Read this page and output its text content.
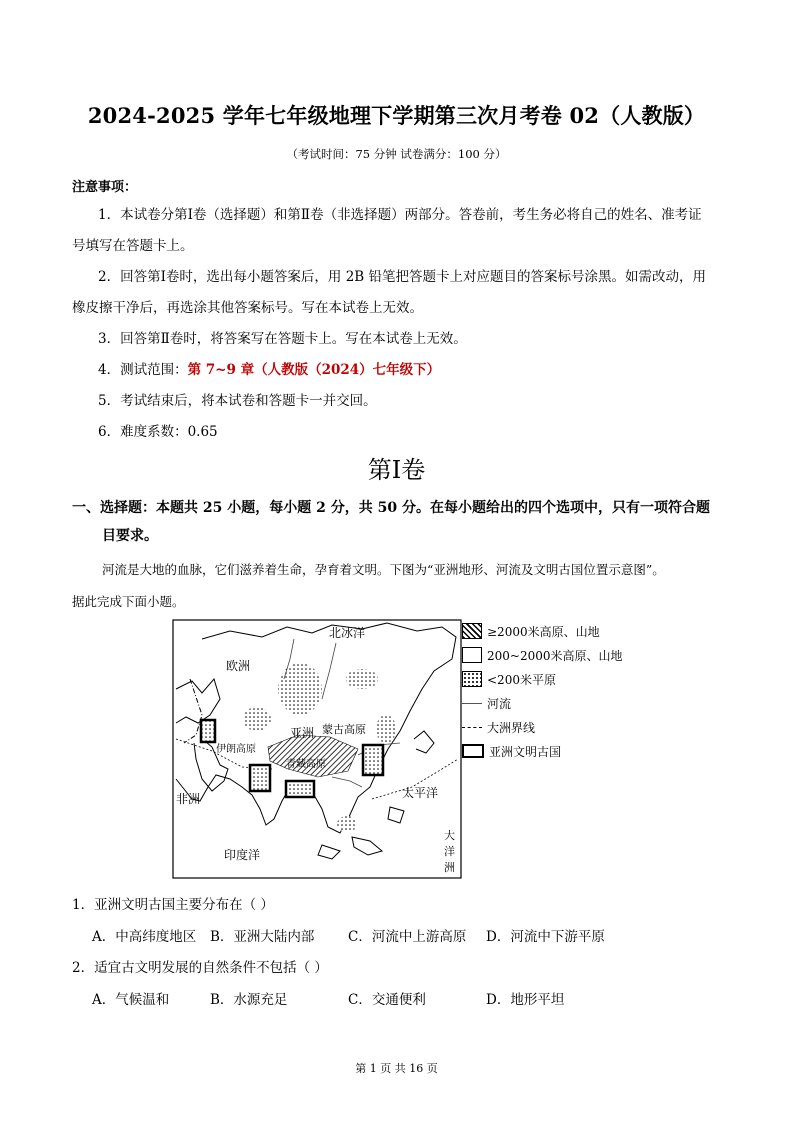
2024-2025 学年七年级地理下学期第三次月考卷 02（人教版）
（考试时间：75 分钟 试卷满分：100 分）
注意事项：
1．本试卷分第Ⅰ卷（选择题）和第Ⅱ卷（非选择题）两部分。答卷前，考生务必将自己的姓名、准考证
号填写在答题卡上。
2．回答第Ⅰ卷时，选出每小题答案后，用 2B 铅笔把答题卡上对应题目的答案标号涂黑。如需改动，用
橡皮擦干净后，再选涂其他答案标号。写在本试卷上无效。
3．回答第Ⅱ卷时，将答案写在答题卡上。写在本试卷上无效。
4．测试范围：第 7~9 章（人教版（2024）七年级下）
5．考试结束后，将本试卷和答题卡一并交回。
6．难度系数：0.65
第Ⅰ卷
一、选择题：本题共 25 小题，每小题 2 分，共 50 分。在每小题给出的四个选项中，只有一项符合题
目要求。
河流是大地的血脉，它们滋养着生命，孕育着文明。下图为“亚洲地形、河流及文明古国位置示意图”。
据此完成下面小题。
北冰洋
欧洲
亚洲 蒙古高原
伊朗高原
青藏高原
非洲	太平洋
印度洋
大
洋
洲
≥2000米高原、山地
200~2000米高原、山地
<200米平原
河流
大洲界线
亚洲文明古国
1．亚洲文明古国主要分布在（ ）
A．中高纬度地区	B．亚洲大陆内部	C．河流中上游高原	D．河流中下游平原
2．适宜古文明发展的自然条件不包括（ ）
A．气候温和	B．水源充足	C．交通便利	D．地形平坦
第 1 页 共 16 页
